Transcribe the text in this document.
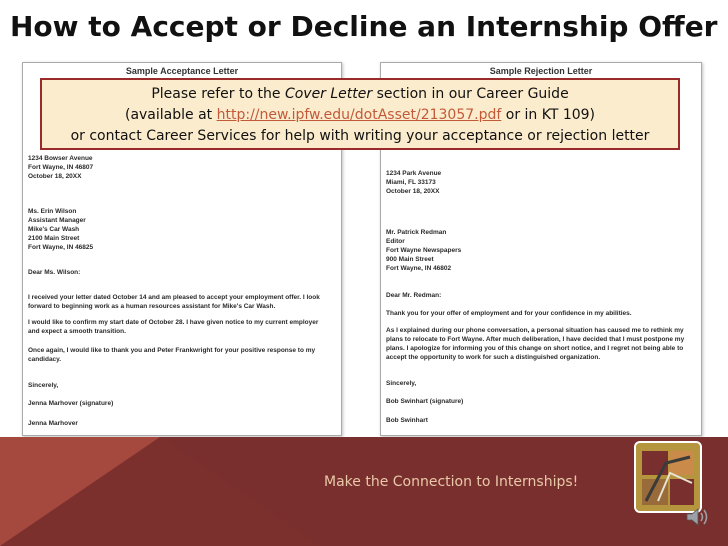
How to Accept or Decline an Internship Offer
Sample Acceptance Letter
1234 Bowser Avenue
Fort Wayne, IN 46807
October 18, 20XX
Ms. Erin Wilson
Assistant Manager
Mike's Car Wash
2100 Main Street
Fort Wayne, IN 46825
Dear Ms. Wilson:
I received your letter dated October 14 and am pleased to accept your employment offer. I look
forward to beginning work as a human resources assistant for Mike's Car Wash.
I would like to confirm my start date of October 28. I have given notice to my current employer
and expect a smooth transition.
Once again, I would like to thank you and Peter Frankwright for your positive response to my
candidacy.
Sincerely,
Jenna Marhover (signature)
Jenna Marhover
Sample Rejection Letter
1234 Park Avenue
Miami, FL 33173
October 18, 20XX
Mr. Patrick Redman
Editor
Fort Wayne Newspapers
900 Main Street
Fort Wayne, IN 46802
Dear Mr. Redman:
Thank you for your offer of employment and for your confidence in my abilities.
As I explained during our phone conversation, a personal situation has caused me to rethink my
plans to relocate to Fort Wayne. After much deliberation, I have decided that I must postpone my
plans. I apologize for informing you of this change on short notice, and I regret not being able to
accept the opportunity to work for such a distinguished organization.
Sincerely,
Bob Swinhart (signature)
Bob Swinhart
Please refer to the Cover Letter section in our Career Guide
(available at http://new.ipfw.edu/dotAsset/213057.pdf or in KT 109)
or contact Career Services for help with writing your acceptance or rejection letter
Make the Connection to Internships!
